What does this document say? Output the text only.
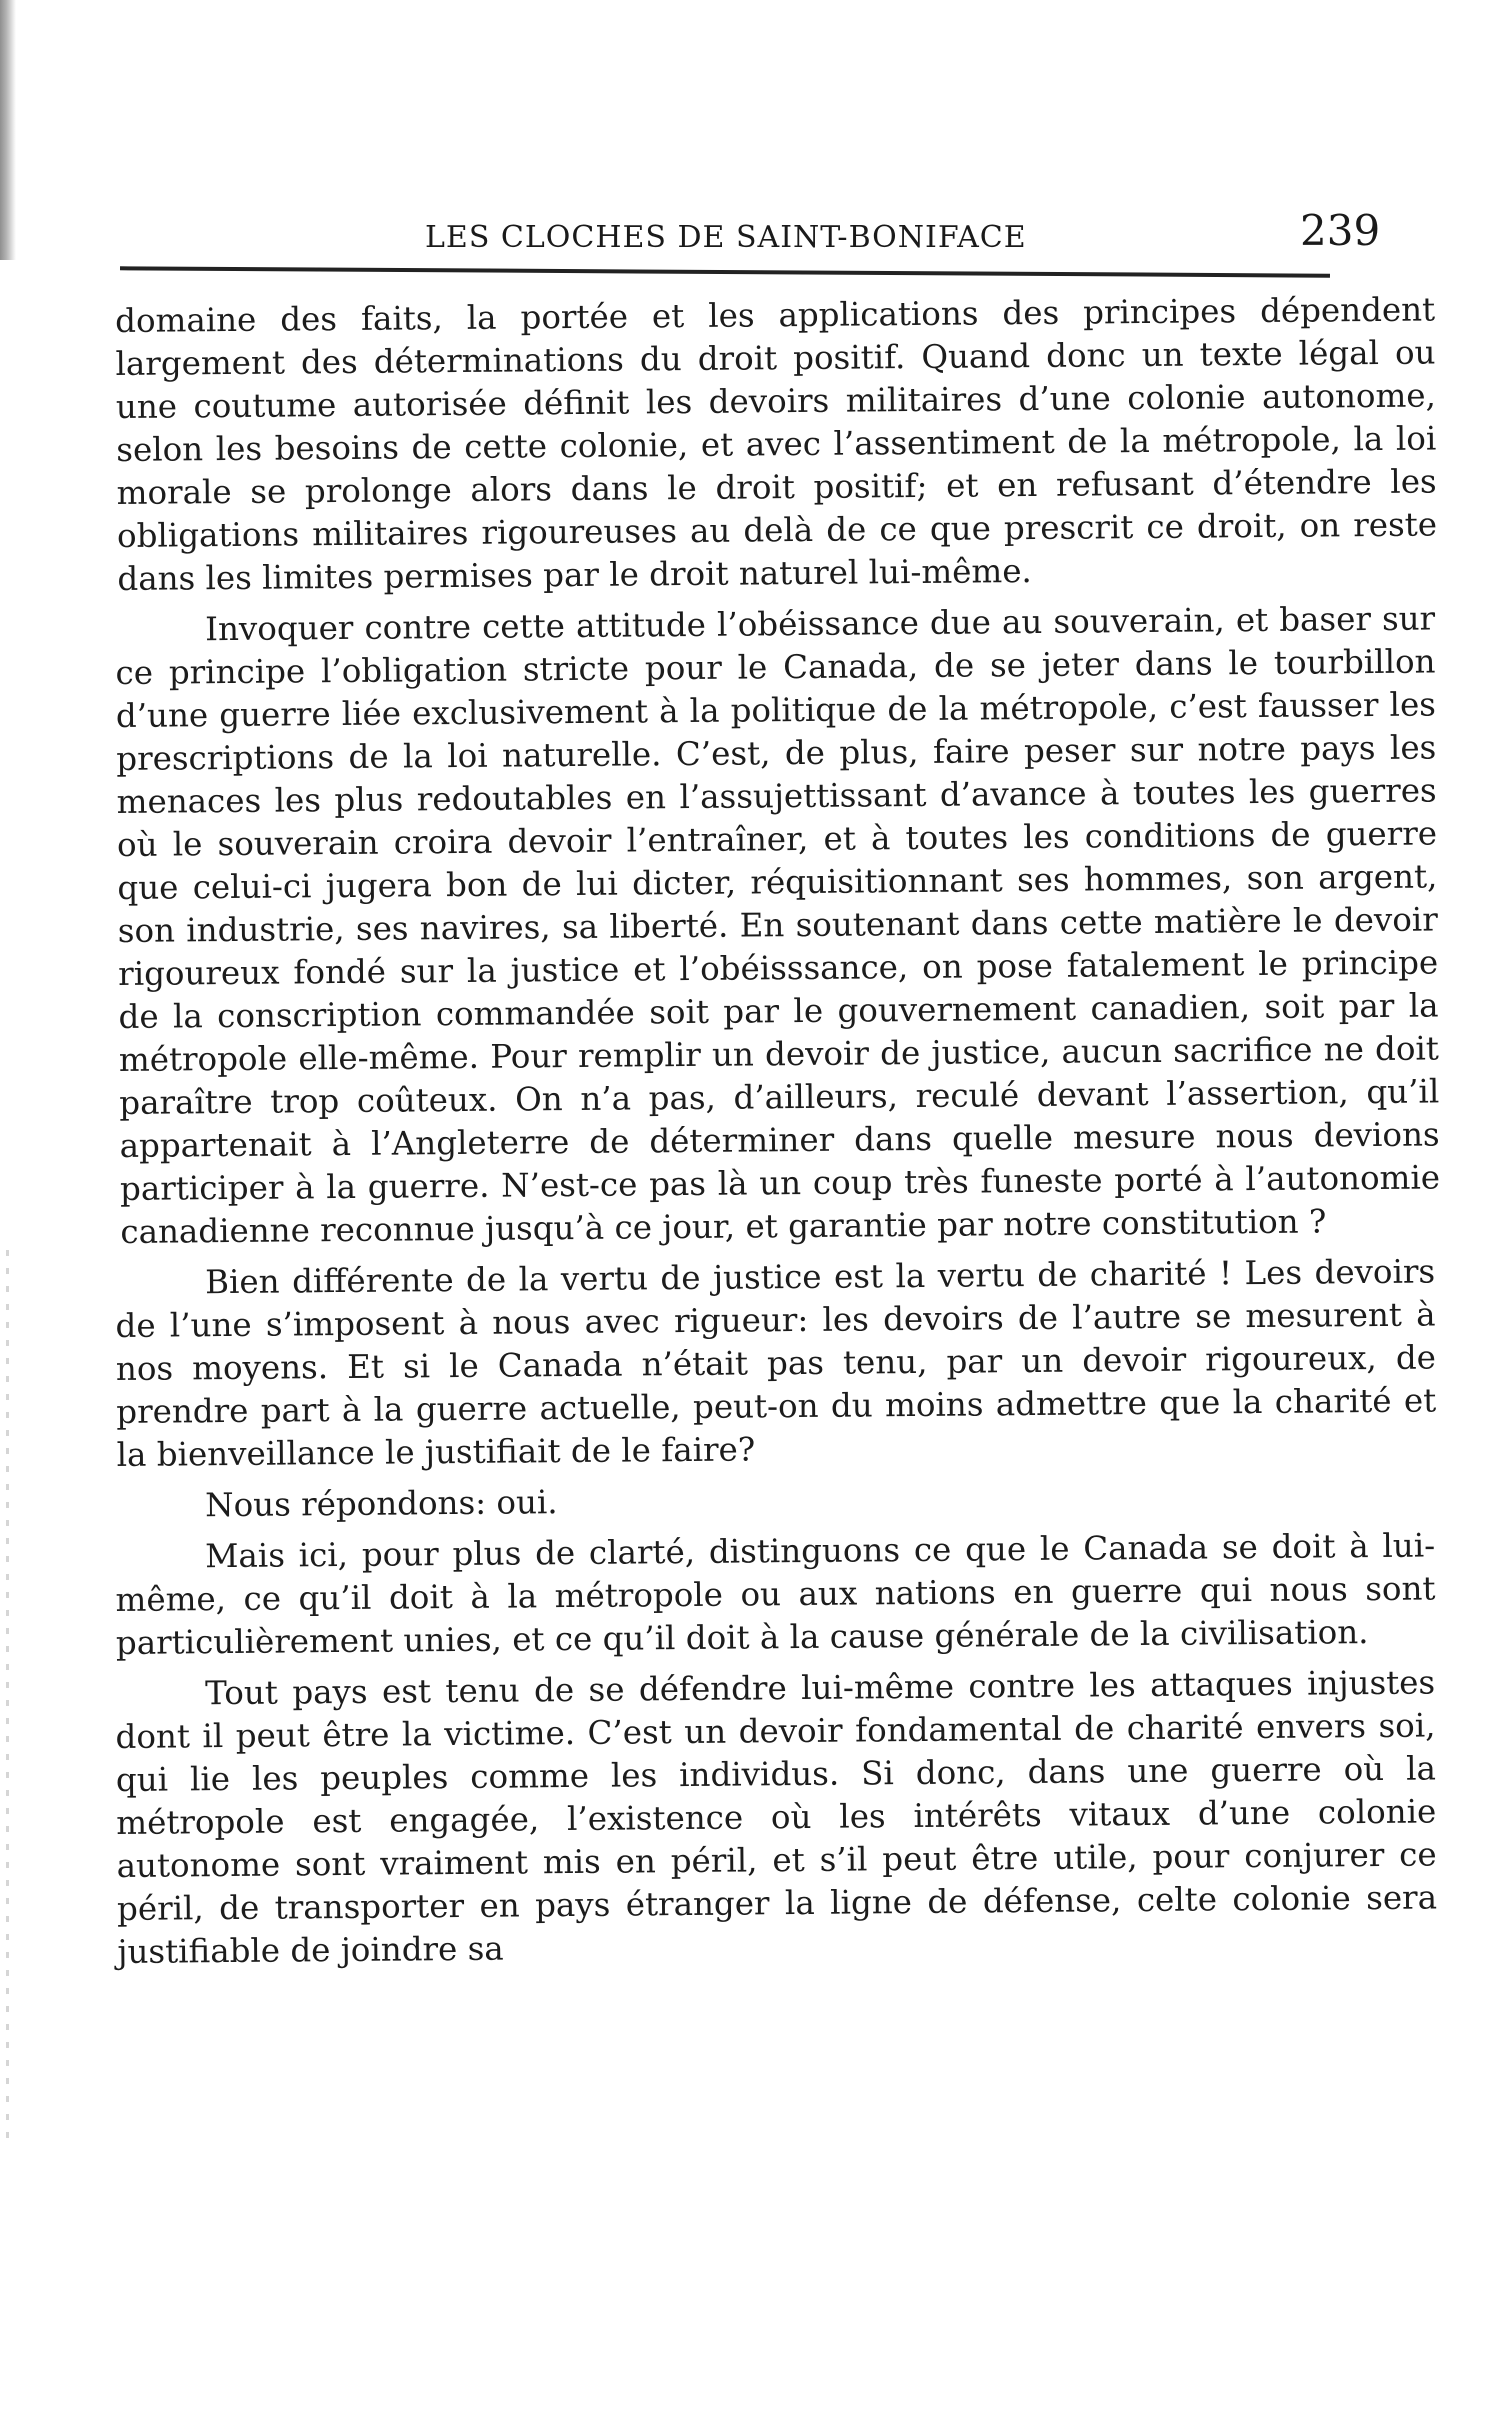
LES CLOCHES DE SAINT-BONIFACE	239

domaine des faits, la portée et les applications des principes dépendent largement des déterminations du droit positif. Quand donc un texte légal ou une coutume autorisée définit les devoirs militaires d’une colonie autonome, selon les besoins de cette colonie, et avec l’assentiment de la métropole, la loi morale se prolonge alors dans le droit positif; et en refusant d’étendre les obligations militaires rigoureuses au delà de ce que prescrit ce droit, on reste dans les limites permises par le droit naturel lui-même.

Invoquer contre cette attitude l’obéissance due au souverain, et baser sur ce principe l’obligation stricte pour le Canada, de se jeter dans le tourbillon d’une guerre liée exclusivement à la politique de la métropole, c’est fausser les prescriptions de la loi naturelle. C’est, de plus, faire peser sur notre pays les menaces les plus redoutables en l’assujettissant d’avance à toutes les guerres où le souverain croira devoir l’entraîner, et à toutes les conditions de guerre que celui-ci jugera bon de lui dicter, réquisitionnant ses hommes, son argent, son industrie, ses navires, sa liberté. En soutenant dans cette matière le devoir rigoureux fondé sur la justice et l’obéisssance, on pose fatalement le principe de la conscription commandée soit par le gouvernement canadien, soit par la métropole elle-même. Pour remplir un devoir de justice, aucun sacrifice ne doit paraître trop coûteux. On n’a pas, d’ailleurs, reculé devant l’assertion, qu’il appartenait à l’Angleterre de déterminer dans quelle mesure nous devions participer à la guerre. N’est-ce pas là un coup très funeste porté à l’autonomie canadienne reconnue jusqu’à ce jour, et garantie par notre constitution ?

Bien différente de la vertu de justice est la vertu de charité ! Les devoirs de l’une s’imposent à nous avec rigueur: les devoirs de l’autre se mesurent à nos moyens. Et si le Canada n’était pas tenu, par un devoir rigoureux, de prendre part à la guerre actuelle, peut-on du moins admettre que la charité et la bienveillance le justifiait de le faire?

Nous répondons: oui.

Mais ici, pour plus de clarté, distinguons ce que le Canada se doit à lui-même, ce qu’il doit à la métropole ou aux nations en guerre qui nous sont particulièrement unies, et ce qu’il doit à la cause générale de la civilisation.

Tout pays est tenu de se défendre lui-même contre les attaques injustes dont il peut être la victime. C’est un devoir fondamental de charité envers soi, qui lie les peuples comme les individus. Si donc, dans une guerre où la métropole est engagée, l’existence où les intérêts vitaux d’une colonie autonome sont vraiment mis en péril, et s’il peut être utile, pour conjurer ce péril, de transporter en pays étranger la ligne de défense, celte colonie sera justifiable de joindre sa
